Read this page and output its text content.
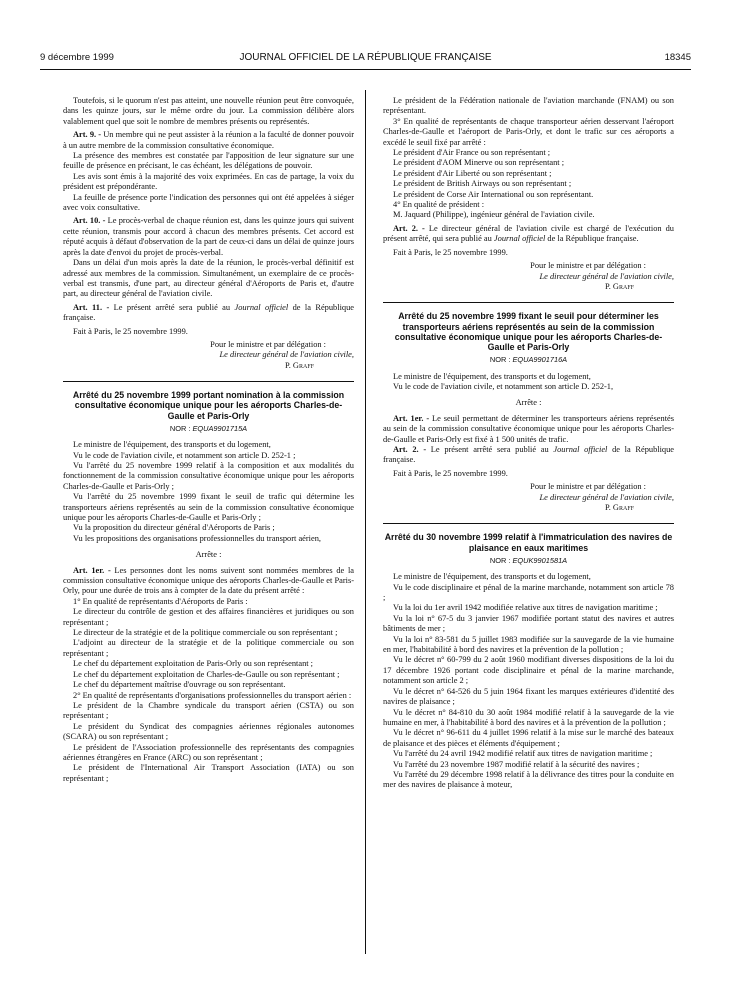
9 décembre 1999	JOURNAL OFFICIEL DE LA RÉPUBLIQUE FRANÇAISE	18345

Toutefois, si le quorum n'est pas atteint, une nouvelle réunion peut être convoquée, dans les quinze jours, sur le même ordre du jour. La commission délibère alors valablement quel que soit le nombre de membres présents ou représentés.

Art. 9. - Un membre qui ne peut assister à la réunion a la faculté de donner pouvoir à un autre membre de la commission consultative économique.

La présence des membres est constatée par l'apposition de leur signature sur une feuille de présence en précisant, le cas échéant, les délégations de pouvoir.

Les avis sont émis à la majorité des voix exprimées. En cas de partage, la voix du président est prépondérante.

La feuille de présence porte l'indication des personnes qui ont été appelées à siéger avec voix consultative.

Art. 10. - Le procès-verbal de chaque réunion est, dans les quinze jours qui suivent cette réunion, transmis pour accord à chacun des membres présents. Cet accord est réputé acquis à défaut d'observation de la part de ceux-ci dans un délai de quinze jours après la date d'envoi du projet de procès-verbal.

Dans un délai d'un mois après la date de la réunion, le procès-verbal définitif est adressé aux membres de la commission. Simultanément, un exemplaire de ce procès-verbal est transmis, d'une part, au directeur général d'Aéroports de Paris et, d'autre part, au directeur général de l'aviation civile.

Art. 11. - Le présent arrêté sera publié au Journal officiel de la République française.

Fait à Paris, le 25 novembre 1999.

Pour le ministre et par délégation :

Le directeur général de l'aviation civile,

P. Graff

Arrêté du 25 novembre 1999 portant nomination à la commission consultative économique unique pour les aéroports Charles-de-Gaulle et Paris-Orly

NOR : EQUA9901715A

Le ministre de l'équipement, des transports et du logement,

Vu le code de l'aviation civile, et notamment son article D. 252-1 ;

Vu l'arrêté du 25 novembre 1999 relatif à la composition et aux modalités du fonctionnement de la commission consultative économique unique pour les aéroports Charles-de-Gaulle et Paris-Orly ;

Vu l'arrêté du 25 novembre 1999 fixant le seuil de trafic qui détermine les transporteurs aériens représentés au sein de la commission consultative économique unique pour les aéroports Charles-de-Gaulle et Paris-Orly ;

Vu la proposition du directeur général d'Aéroports de Paris ;

Vu les propositions des organisations professionnelles du transport aérien,

Arrête :

Art. 1er. - Les personnes dont les noms suivent sont nommées membres de la commission consultative économique unique des aéroports Charles-de-Gaulle et Paris-Orly, pour une durée de trois ans à compter de la date du présent arrêté :

1° En qualité de représentants d'Aéroports de Paris :

Le directeur du contrôle de gestion et des affaires financières et juridiques ou son représentant ;

Le directeur de la stratégie et de la politique commerciale ou son représentant ;

L'adjoint au directeur de la stratégie et de la politique commerciale ou son représentant ;

Le chef du département exploitation de Paris-Orly ou son représentant ;

Le chef du département exploitation de Charles-de-Gaulle ou son représentant ;

Le chef du département maîtrise d'ouvrage ou son représentant.

2° En qualité de représentants d'organisations professionnelles du transport aérien :

Le président de la Chambre syndicale du transport aérien (CSTA) ou son représentant ;

Le président du Syndicat des compagnies aériennes régionales autonomes (SCARA) ou son représentant ;

Le président de l'Association professionnelle des représentants des compagnies aériennes étrangères en France (ARC) ou son représentant ;

Le président de l'International Air Transport Association (IATA) ou son représentant ;

Le président de la Fédération nationale de l'aviation marchande (FNAM) ou son représentant.

3° En qualité de représentants de chaque transporteur aérien desservant l'aéroport Charles-de-Gaulle et l'aéroport de Paris-Orly, et dont le trafic sur ces aéroports a excédé le seuil fixé par arrêté :

Le président d'Air France ou son représentant ;

Le président d'AOM Minerve ou son représentant ;

Le président d'Air Liberté ou son représentant ;

Le président de British Airways ou son représentant ;

Le président de Corse Air International ou son représentant.

4° En qualité de président :

M. Jaquard (Philippe), ingénieur général de l'aviation civile.

Art. 2. - Le directeur général de l'aviation civile est chargé de l'exécution du présent arrêté, qui sera publié au Journal officiel de la République française.

Fait à Paris, le 25 novembre 1999.

Pour le ministre et par délégation :

Le directeur général de l'aviation civile,

P. Graff

Arrêté du 25 novembre 1999 fixant le seuil pour déterminer les transporteurs aériens représentés au sein de la commission consultative économique unique pour les aéroports Charles-de-Gaulle et Paris-Orly

NOR : EQUA9901716A

Le ministre de l'équipement, des transports et du logement,

Vu le code de l'aviation civile, et notamment son article D. 252-1,

Arrête :

Art. 1er. - Le seuil permettant de déterminer les transporteurs aériens représentés au sein de la commission consultative économique unique pour les aéroports Charles-de-Gaulle et Paris-Orly est fixé à 1 500 unités de trafic.

Art. 2. - Le présent arrêté sera publié au Journal officiel de la République française.

Fait à Paris, le 25 novembre 1999.

Pour le ministre et par délégation :

Le directeur général de l'aviation civile,

P. Graff

Arrêté du 30 novembre 1999 relatif à l'immatriculation des navires de plaisance en eaux maritimes

NOR : EQUK9901581A

Le ministre de l'équipement, des transports et du logement,

Vu le code disciplinaire et pénal de la marine marchande, notamment son article 78 ;

Vu la loi du 1er avril 1942 modifiée relative aux titres de navigation maritime ;

Vu la loi n° 67-5 du 3 janvier 1967 modifiée portant statut des navires et autres bâtiments de mer ;

Vu la loi n° 83-581 du 5 juillet 1983 modifiée sur la sauvegarde de la vie humaine en mer, l'habitabilité à bord des navires et la prévention de la pollution ;

Vu le décret n° 60-799 du 2 août 1960 modifiant diverses dispositions de la loi du 17 décembre 1926 portant code disciplinaire et pénal de la marine marchande, notamment son article 2 ;

Vu le décret n° 64-526 du 5 juin 1964 fixant les marques extérieures d'identité des navires de plaisance ;

Vu le décret n° 84-810 du 30 août 1984 modifié relatif à la sauvegarde de la vie humaine en mer, à l'habitabilité à bord des navires et à la prévention de la pollution ;

Vu le décret n° 96-611 du 4 juillet 1996 relatif à la mise sur le marché des bateaux de plaisance et des pièces et éléments d'équipement ;

Vu l'arrêté du 24 avril 1942 modifié relatif aux titres de navigation maritime ;

Vu l'arrêté du 23 novembre 1987 modifié relatif à la sécurité des navires ;

Vu l'arrêté du 29 décembre 1998 relatif à la délivrance des titres pour la conduite en mer des navires de plaisance à moteur,
